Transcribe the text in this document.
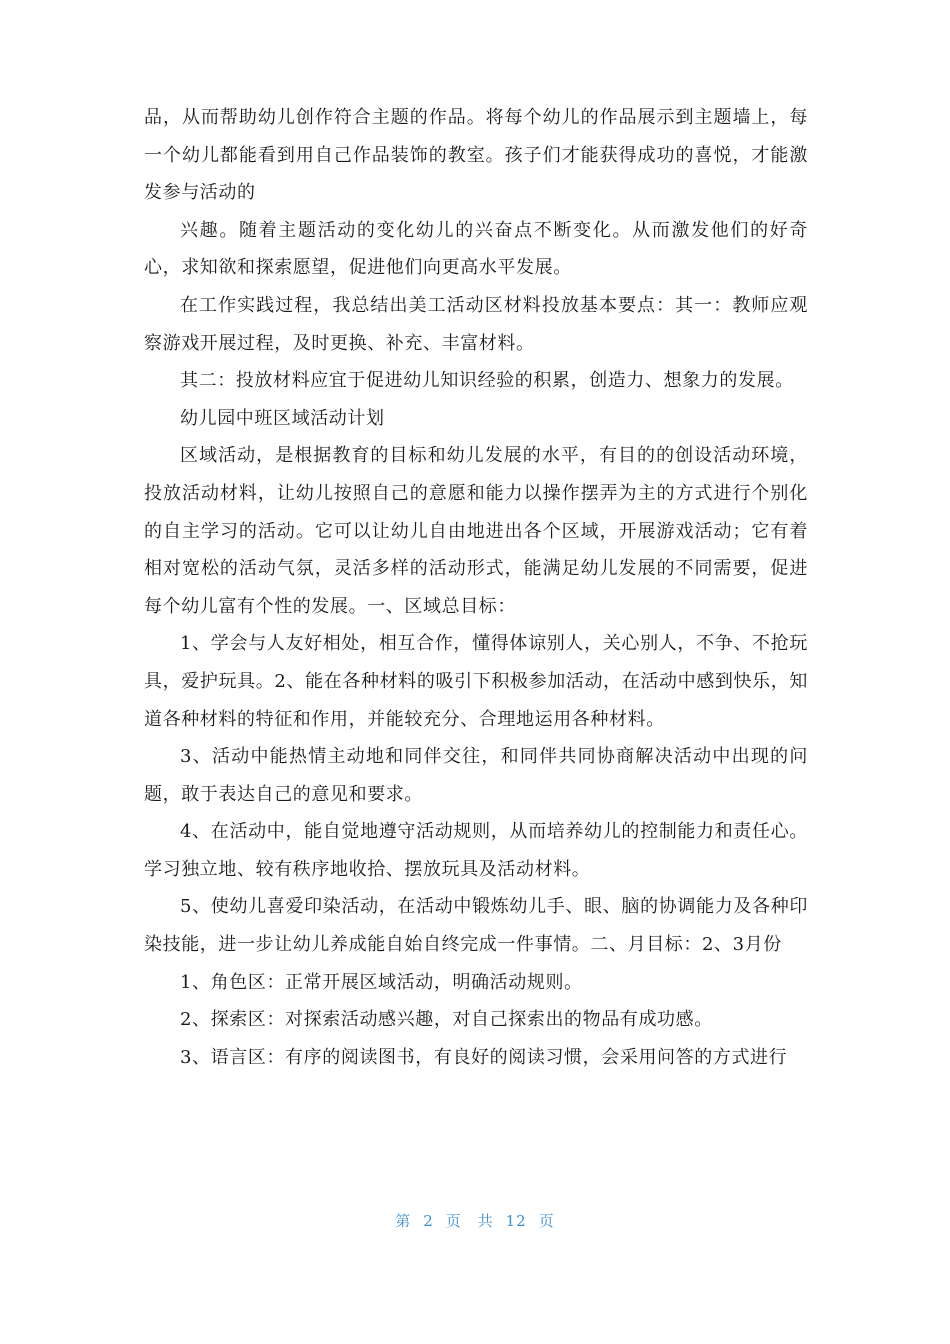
品，从而帮助幼儿创作符合主题的作品。将每个幼儿的作品展示到主题墙上，每一个幼儿都能看到用自己作品装饰的教室。孩子们才能获得成功的喜悦，才能激发参与活动的

兴趣。随着主题活动的变化幼儿的兴奋点不断变化。从而激发他们的好奇心，求知欲和探索愿望，促进他们向更高水平发展。

在工作实践过程，我总结出美工活动区材料投放基本要点：其一：教师应观察游戏开展过程，及时更换、补充、丰富材料。

其二：投放材料应宜于促进幼儿知识经验的积累，创造力、想象力的发展。

幼儿园中班区域活动计划

区域活动，是根据教育的目标和幼儿发展的水平，有目的的创设活动环境，投放活动材料，让幼儿按照自己的意愿和能力以操作摆弄为主的方式进行个别化的自主学习的活动。它可以让幼儿自由地进出各个区域，开展游戏活动；它有着相对宽松的活动气氛，灵活多样的活动形式，能满足幼儿发展的不同需要，促进每个幼儿富有个性的发展。一、区域总目标：

1、学会与人友好相处，相互合作，懂得体谅别人，关心别人，不争、不抢玩具，爱护玩具。2、能在各种材料的吸引下积极参加活动，在活动中感到快乐，知道各种材料的特征和作用，并能较充分、合理地运用各种材料。

3、活动中能热情主动地和同伴交往，和同伴共同协商解决活动中出现的问题，敢于表达自己的意见和要求。

4、在活动中，能自觉地遵守活动规则，从而培养幼儿的控制能力和责任心。学习独立地、较有秩序地收拾、摆放玩具及活动材料。

5、使幼儿喜爱印染活动，在活动中锻炼幼儿手、眼、脑的协调能力及各种印染技能，进一步让幼儿养成能自始自终完成一件事情。二、月目标：2、3月份

1、角色区：正常开展区域活动，明确活动规则。

2、探索区：对探索活动感兴趣，对自己探索出的物品有成功感。

3、语言区：有序的阅读图书，有良好的阅读习惯，会采用问答的方式进行

第 2 页 共 12 页
